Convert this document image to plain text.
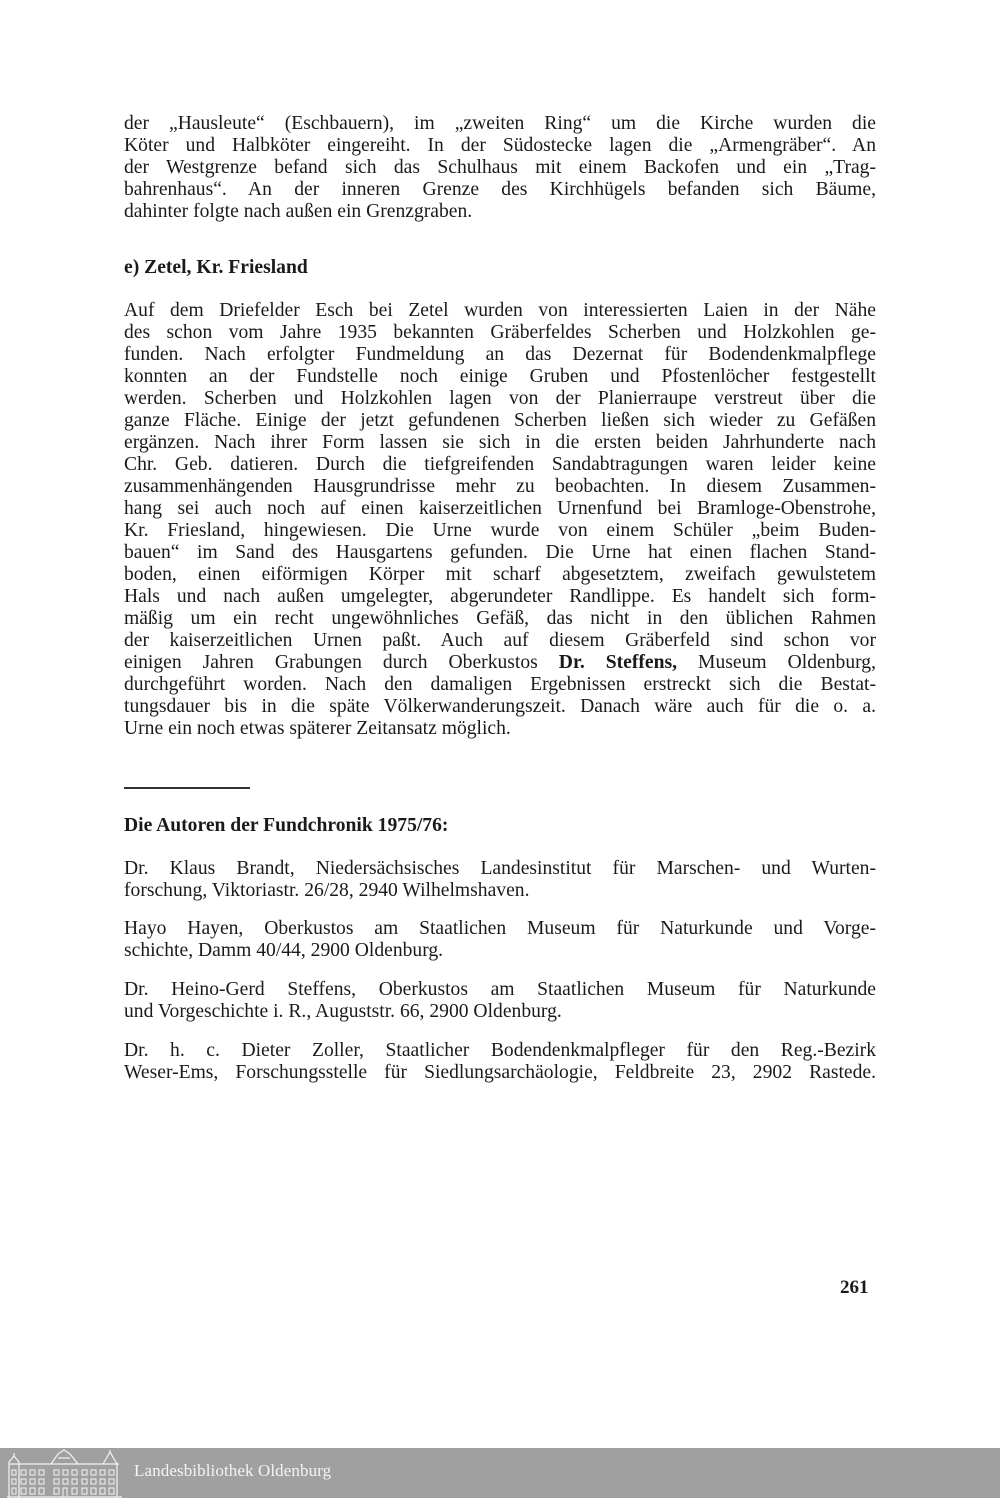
der „Hausleute“ (Eschbauern), im „zweiten Ring“ um die Kirche wurden die
Köter und Halbköter eingereiht. In der Südostecke lagen die „Armengräber“. An
der Westgrenze befand sich das Schulhaus mit einem Backofen und ein „Trag-
bahrenhaus“. An der inneren Grenze des Kirchhügels befanden sich Bäume,
dahinter folgte nach außen ein Grenzgraben.

e) Zetel, Kr. Friesland

Auf dem Driefelder Esch bei Zetel wurden von interessierten Laien in der Nähe
des schon vom Jahre 1935 bekannten Gräberfeldes Scherben und Holzkohlen ge-
funden. Nach erfolgter Fundmeldung an das Dezernat für Bodendenkmalpflege
konnten an der Fundstelle noch einige Gruben und Pfostenlöcher festgestellt
werden. Scherben und Holzkohlen lagen von der Planierraupe verstreut über die
ganze Fläche. Einige der jetzt gefundenen Scherben ließen sich wieder zu Gefäßen
ergänzen. Nach ihrer Form lassen sie sich in die ersten beiden Jahrhunderte nach
Chr. Geb. datieren. Durch die tiefgreifenden Sandabtragungen waren leider keine
zusammenhängenden Hausgrundrisse mehr zu beobachten. In diesem Zusammen-
hang sei auch noch auf einen kaiserzeitlichen Urnenfund bei Bramloge-Obenstrohe,
Kr. Friesland, hingewiesen. Die Urne wurde von einem Schüler „beim Buden-
bauen“ im Sand des Hausgartens gefunden. Die Urne hat einen flachen Stand-
boden, einen eiförmigen Körper mit scharf abgesetztem, zweifach gewulstetem
Hals und nach außen umgelegter, abgerundeter Randlippe. Es handelt sich form-
mäßig um ein recht ungewöhnliches Gefäß, das nicht in den üblichen Rahmen
der kaiserzeitlichen Urnen paßt. Auch auf diesem Gräberfeld sind schon vor
einigen Jahren Grabungen durch Oberkustos Dr. Steffens, Museum Oldenburg,
durchgeführt worden. Nach den damaligen Ergebnissen erstreckt sich die Bestat-
tungsdauer bis in die späte Völkerwanderungszeit. Danach wäre auch für die o. a.
Urne ein noch etwas späterer Zeitansatz möglich.

Die Autoren der Fundchronik 1975/76:

Dr. Klaus Brandt, Niedersächsisches Landesinstitut für Marschen- und Wurten-
forschung, Viktoriastr. 26/28, 2940 Wilhelmshaven.

Hayo Hayen, Oberkustos am Staatlichen Museum für Naturkunde und Vorge-
schichte, Damm 40/44, 2900 Oldenburg.

Dr. Heino-Gerd Steffens, Oberkustos am Staatlichen Museum für Naturkunde
und Vorgeschichte i. R., Auguststr. 66, 2900 Oldenburg.

Dr. h. c. Dieter Zoller, Staatlicher Bodendenkmalpfleger für den Reg.-Bezirk
Weser-Ems, Forschungsstelle für Siedlungsarchäologie, Feldbreite 23, 2902 Rastede.

261
Landesbibliothek Oldenburg
